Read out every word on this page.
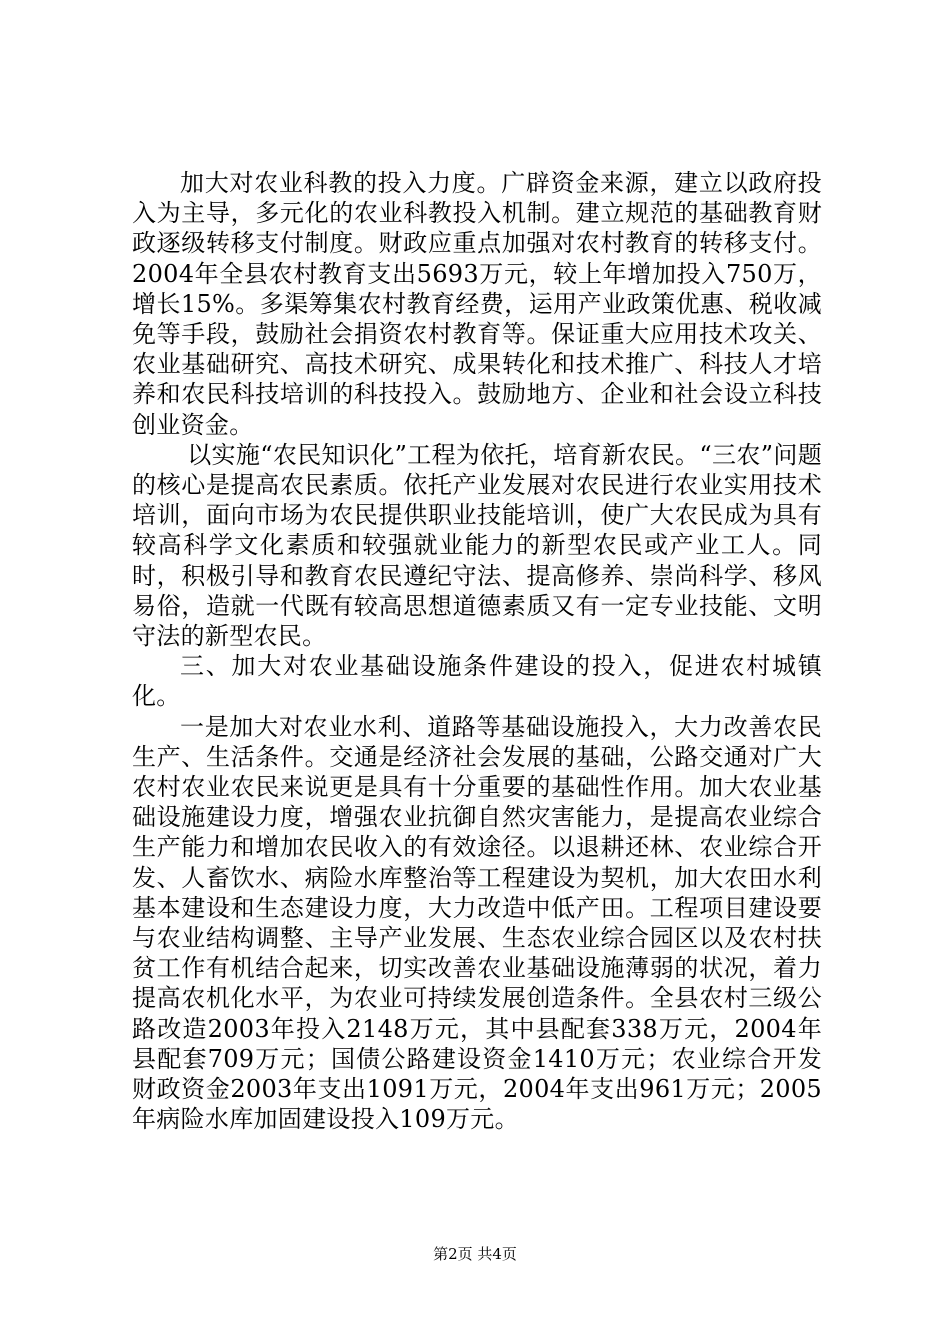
加大对农业科教的投入力度。广辟资金来源，建立以政府投入为主导，多元化的农业科教投入机制。建立规范的基础教育财政逐级转移支付制度。财政应重点加强对农村教育的转移支付。2004年全县农村教育支出5693万元，较上年增加投入750万，增长15%。多渠筹集农村教育经费，运用产业政策优惠、税收减免等手段，鼓励社会捐资农村教育等。保证重大应用技术攻关、农业基础研究、高技术研究、成果转化和技术推广、科技人才培养和农民科技培训的科技投入。鼓励地方、企业和社会设立科技创业资金。

以实施“农民知识化”工程为依托，培育新农民。“三农”问题的核心是提高农民素质。依托产业发展对农民进行农业实用技术培训，面向市场为农民提供职业技能培训，使广大农民成为具有较高科学文化素质和较强就业能力的新型农民或产业工人。同时，积极引导和教育农民遵纪守法、提高修养、崇尚科学、移风易俗，造就一代既有较高思想道德素质又有一定专业技能、文明守法的新型农民。

三、加大对农业基础设施条件建设的投入，促进农村城镇化。

一是加大对农业水利、道路等基础设施投入，大力改善农民生产、生活条件。交通是经济社会发展的基础，公路交通对广大农村农业农民来说更是具有十分重要的基础性作用。加大农业基础设施建设力度，增强农业抗御自然灾害能力，是提高农业综合生产能力和增加农民收入的有效途径。以退耕还林、农业综合开发、人畜饮水、病险水库整治等工程建设为契机，加大农田水利基本建设和生态建设力度，大力改造中低产田。工程项目建设要与农业结构调整、主导产业发展、生态农业综合园区以及农村扶贫工作有机结合起来，切实改善农业基础设施薄弱的状况，着力提高农机化水平，为农业可持续发展创造条件。全县农村三级公路改造2003年投入2148万元，其中县配套338万元，2004年县配套709万元；国债公路建设资金1410万元；农业综合开发财政资金2003年支出1091万元，2004年支出961万元；2005年病险水库加固建设投入109万元。

第2页 共4页
